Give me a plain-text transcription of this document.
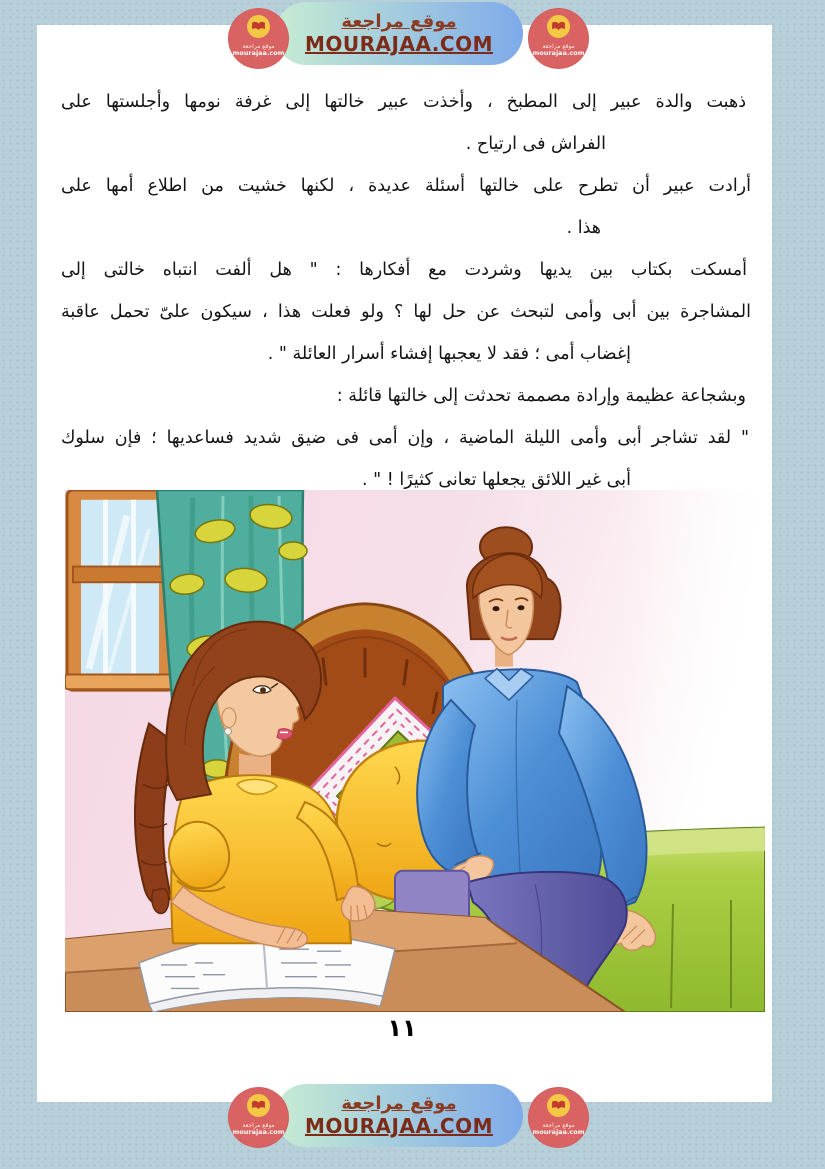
موقع مراجعة
MOURAJAA.COM
موقع مراجعة
mourajaa.com
موقع مراجعة
mourajaa.com
ذهبت والدة عبير إلى المطبخ ، وأخذت عبير خالتها إلى غرفة نومها وأجلستها على
الفراش فى ارتياح .
أرادت عبير أن تطرح على خالتها أسئلة عديدة ، لكنها خشيت من اطلاع أمها على
هذا .
أمسكت بكتاب بين يديها وشردت مع أفكارها : " هل ألفت انتباه خالتى إلى
المشاجرة بين أبى وأمى لتبحث عن حل لها ؟ ولو فعلت هذا ، سيكون علىّ تحمل عاقبة
إغضاب أمى ؛ فقد لا يعجبها إفشاء أسرار العائلة " .
وبشجاعة عظيمة وإرادة مصممة تحدثت إلى خالتها قائلة :
" لقد تشاجر أبى وأمى الليلة الماضية ، وإن أمى فى ضيق شديد فساعديها ؛ فإن سلوك
أبى غير اللائق يجعلها تعانى كثيرًا ! " .
١١
موقع مراجعة
MOURAJAA.COM
موقع مراجعة
mourajaa.com
موقع مراجعة
mourajaa.com
